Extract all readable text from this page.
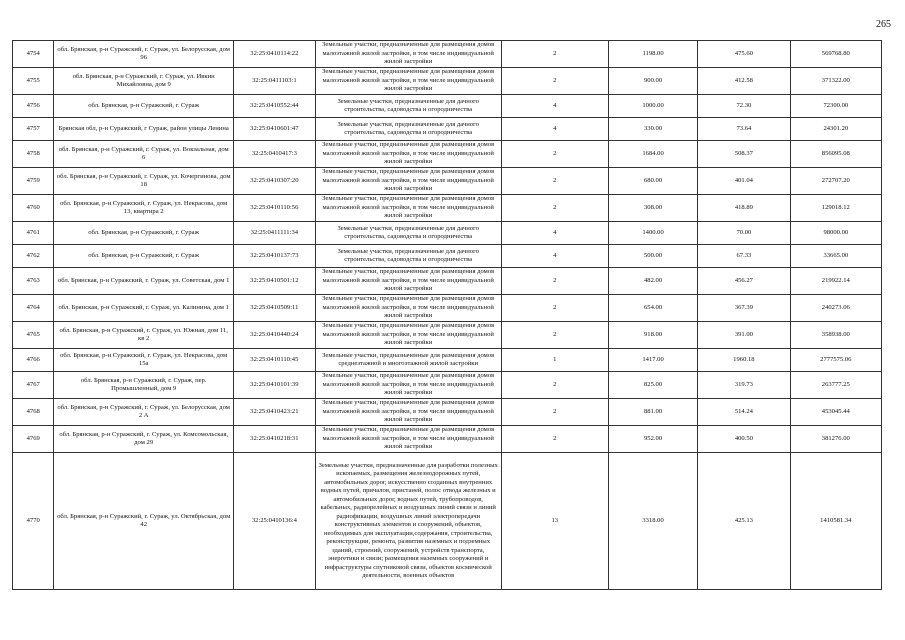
265
4754	обл. Брянская, р-н Суражский, г. Сураж, ул. Белорусская, дом 96	32:25:0410114:22	Земельные участки, предназначенные для размещения домов малоэтажной жилой застройки, в том числе индивидуальной жилой застройки	2	1198.00	475.60	569768.80
4755	обл. Брянская, р-н Суражский, г. Сураж, ул. Ивкин Михайловна, дом 9	32:25:0411103:1	Земельные участки, предназначенные для размещения домов малоэтажной жилой застройки, в том числе индивидуальной жилой застройки	2	900.00	412.58	371322.00
4756	обл. Брянская, р-н Суражский, г. Сураж	32:25:0410552:44	Земельные участки, предназначенные для дачного строительства, садоводства и огородничества	4	1000.00	72.30	72300.00
4757	Брянская обл, р-н Суражский, г Сураж, район улицы Ленина	32:25:0410601:47	Земельные участки, предназначенные для дачного строительства, садоводства и огородничества	4	330.00	73.64	24301.20
4758	обл. Брянская, р-н Суражский, г. Сураж, ул. Вокзальная, дом 6	32:25:0410417:3	Земельные участки, предназначенные для размещения домов малоэтажной жилой застройки, в том числе индивидуальной жилой застройки	2	1684.00	508.37	856095.08
4759	обл. Брянская, р-н Суражский, г. Сураж, ул. Кочергиновa, дом 18	32:25:0410307:20	Земельные участки, предназначенные для размещения домов малоэтажной жилой застройки, в том числе индивидуальной жилой застройки	2	680.00	401.04	272707.20
4760	обл. Брянская, р-н Суражский, г. Сураж, ул. Некрасова, дом 13, квартира 2	32:25:0410110:56	Земельные участки, предназначенные для размещения домов малоэтажной жилой застройки, в том числе индивидуальной жилой застройки	2	308.00	418.89	129018.12
4761	обл. Брянская, р-н Суражский, г. Сураж	32:25:0411111:34	Земельные участки, предназначенные для дачного строительства, садоводства и огородничества	4	1400.00	70.00	98000.00
4762	обл. Брянская, р-н Суражский, г. Сураж	32:25:0410137:73	Земельные участки, предназначенные для дачного строительства, садоводства и огородничества	4	500.00	67.33	33665.00
4763	обл. Брянская, р-н Суражский, г. Сураж, ул. Советская, дом 1	32:25:0410501:12	Земельные участки, предназначенные для размещения домов малоэтажной жилой застройки, в том числе индивидуальной жилой застройки	2	482.00	456.27	219922.14
4764	обл. Брянская, р-н Суражский, г. Сураж, ул. Калинина, дом 1	32:25:0410509:11	Земельные участки, предназначенные для размещения домов малоэтажной жилой застройки, в том числе индивидуальной жилой застройки	2	654.00	367.39	240273.06
4765	обл. Брянская, р-н Суражский, г. Сураж, ул. Южная, дом 11, кв 2	32:25:0410440:24	Земельные участки, предназначенные для размещения домов малоэтажной жилой застройки, в том числе индивидуальной жилой застройки	2	918.00	391.00	358938.00
4766	обл. Брянская, р-н Суражский, г. Сураж, ул. Некрасова, дом 15а	32:25:0410110:45	Земельные участки, предназначенные для размещения домов среднеэтажной и многоэтажной жилой застройки	1	1417.00	1960.18	2777575.06
4767	обл. Брянская, р-н Суражский, г. Сураж, пер. Промышленный, дом 9	32:25:0410101:39	Земельные участки, предназначенные для размещения домов малоэтажной жилой застройки, в том числе индивидуальной жилой застройки	2	825.00	319.73	263777.25
4768	обл. Брянская, р-н Суражский, г. Сураж, ул. Белорусская, дом 2 А	32:25:0410423:21	Земельные участки, предназначенные для размещения домов малоэтажной жилой застройки, в том числе индивидуальной жилой застройки	2	881.00	514.24	453045.44
4769	обл. Брянская, р-н Суражский, г. Сураж, ул. Комсомольская, дом 29	32:25:0410218:31	Земельные участки, предназначенные для размещения домов малоэтажной жилой застройки, в том числе индивидуальной жилой застройки	2	952.00	400.50	381276.00
4770	обл. Брянская, р-н Суражский, г. Сураж, ул. Октябрьская, дом 42	32:25:0410136:4	Земельные участки, предназначенные для разработки полезных ископаемых, размещения железнодорожных путей, автомобильных дорог, искусственно созданных внутренних водных путей, причалов, пристаней, полос отвода железных и автомобильных дорог, водных путей, трубопроводов, кабельных, радиорелейных и воздушных линий связи и линий радиофикации, воздушных линий электропередачи конструктивных элементов и сооружений, объектов, необходимых для эксплуатации,содержания, строительства, реконструкции, ремонта, развития наземных и подземных зданий, строений, сооружений, устройств транспорта, энергетики и связи; размещения наземных сооружений и инфраструктуры спутниковой связи, объектов космической деятельности, военных объектов	13	3318.00	425.13	1410581.34
